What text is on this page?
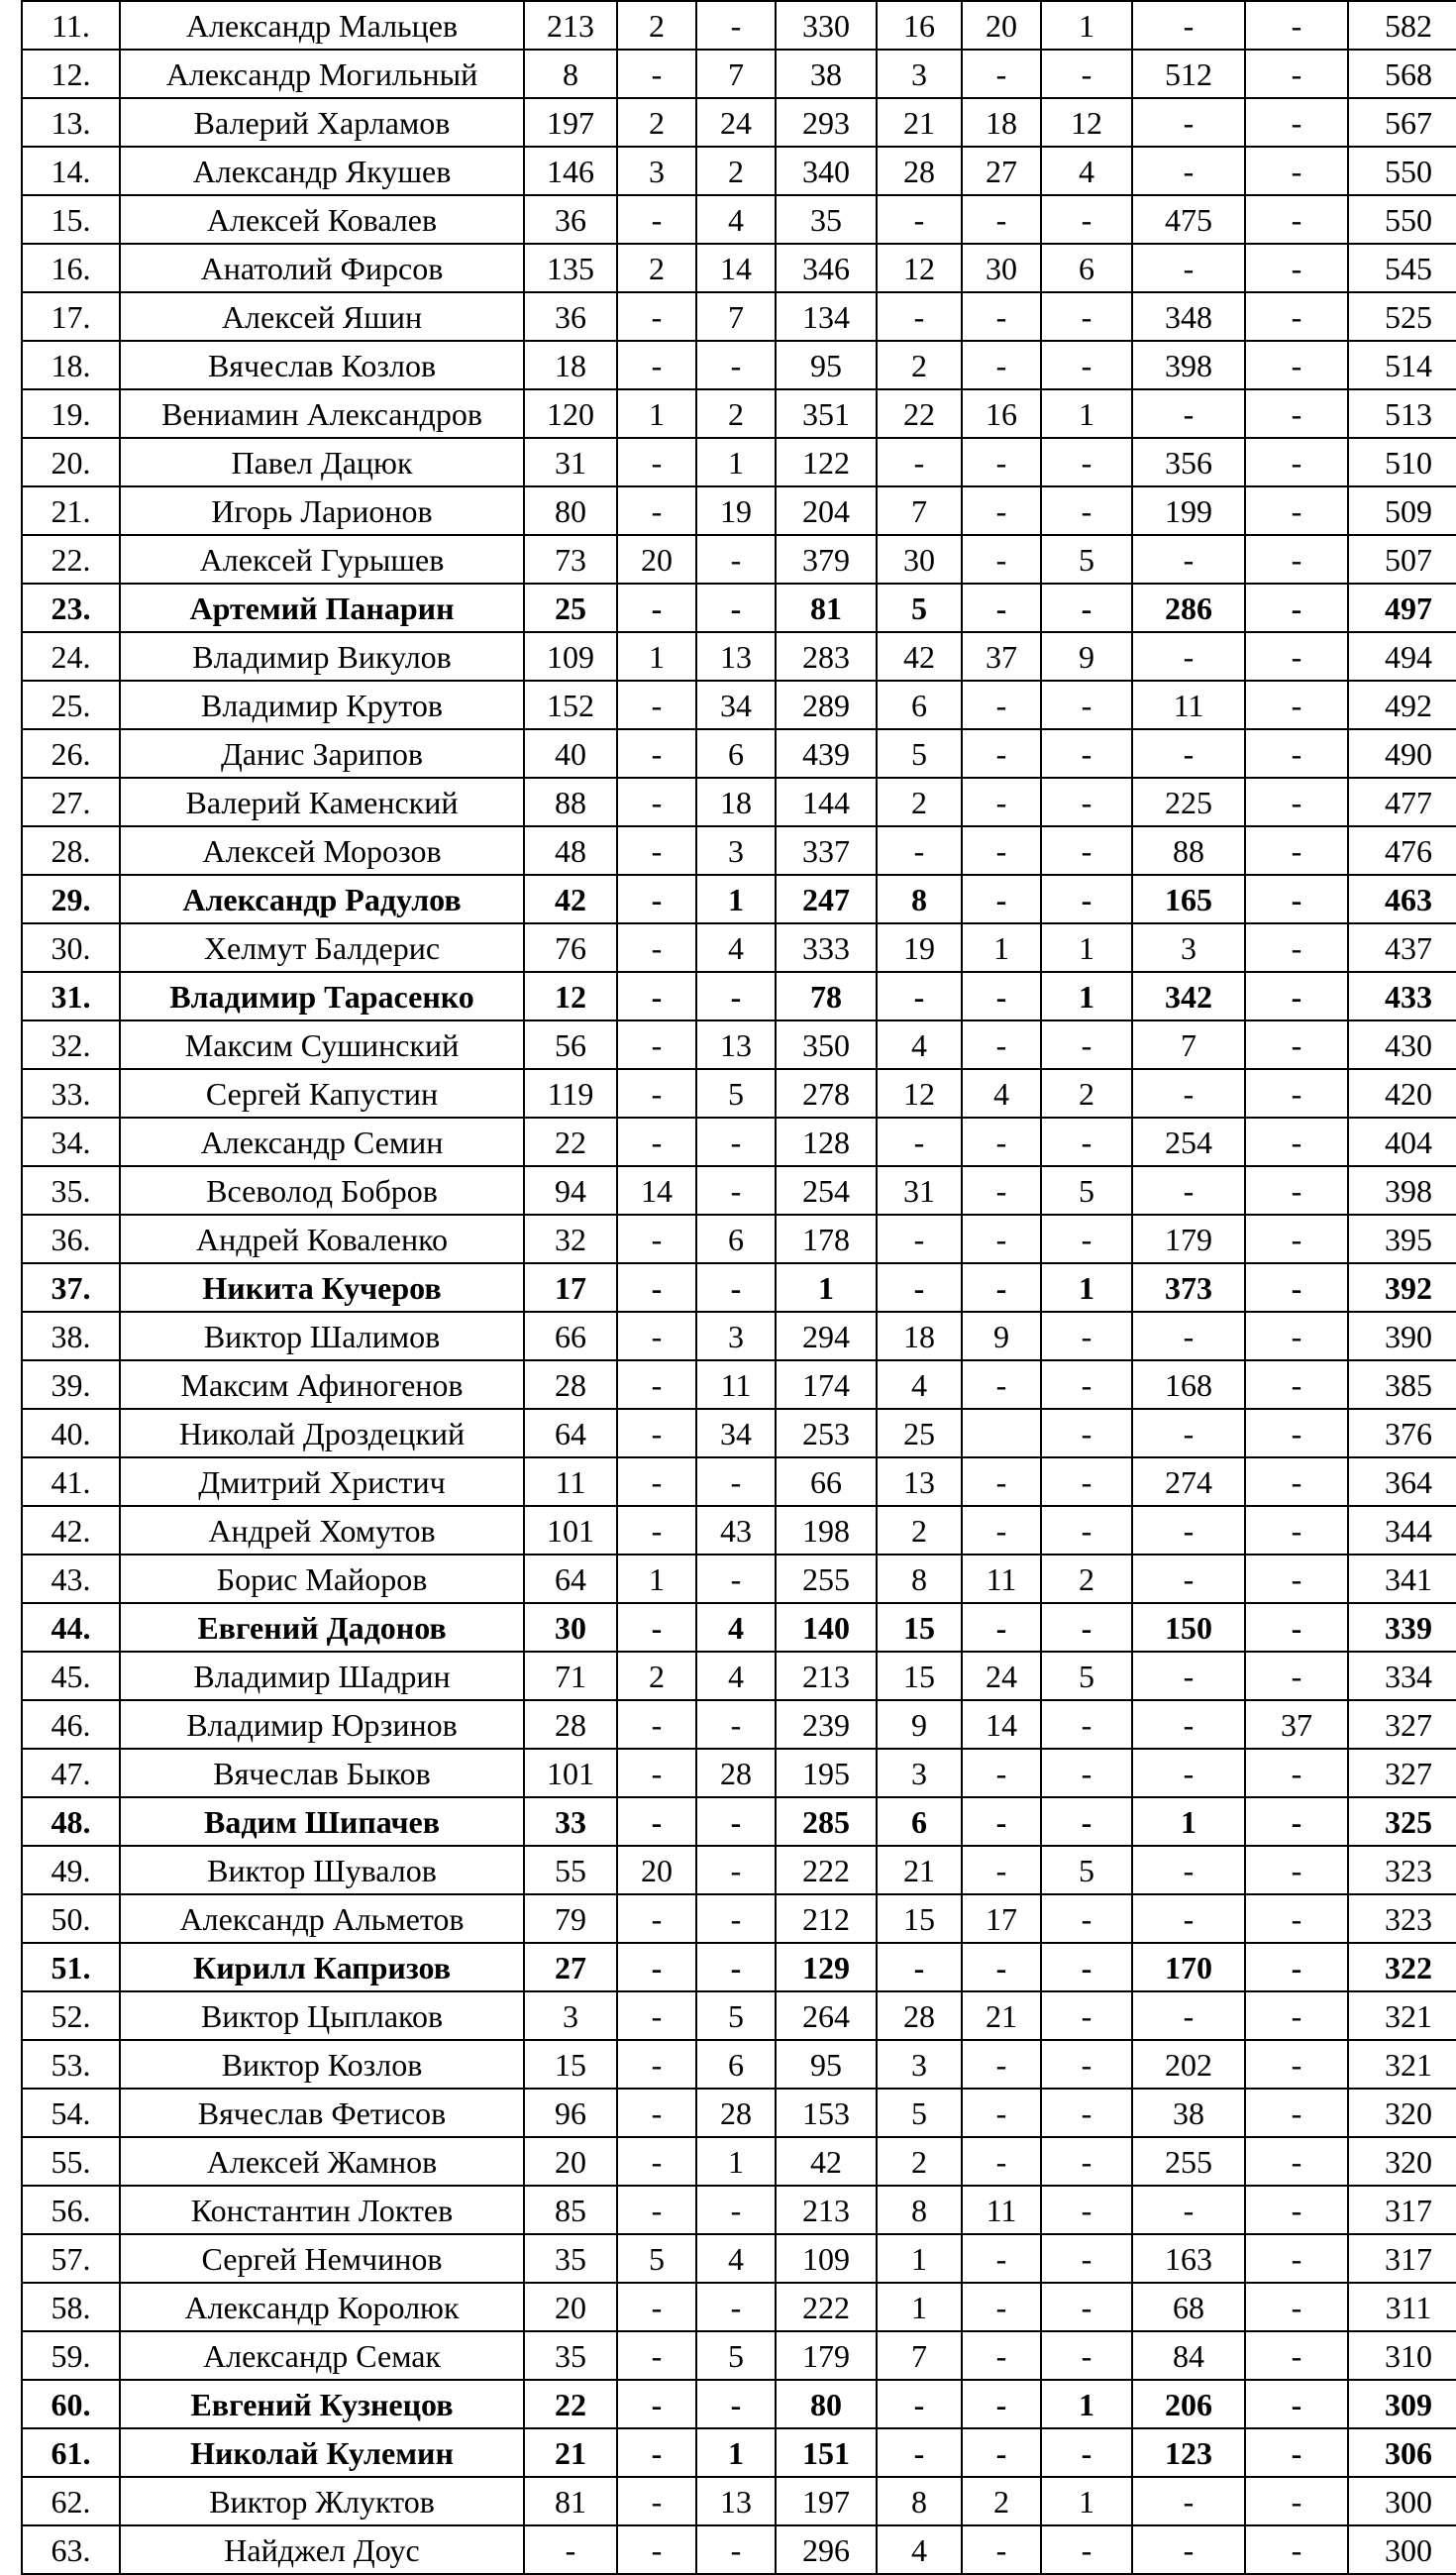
11.	Александр Мальцев	213	2	-	330	16	20	1	-	-	582
12.	Александр Могильный	8	-	7	38	3	-	-	512	-	568
13.	Валерий Харламов	197	2	24	293	21	18	12	-	-	567
14.	Александр Якушев	146	3	2	340	28	27	4	-	-	550
15.	Алексей Ковалев	36	-	4	35	-	-	-	475	-	550
16.	Анатолий Фирсов	135	2	14	346	12	30	6	-	-	545
17.	Алексей Яшин	36	-	7	134	-	-	-	348	-	525
18.	Вячеслав Козлов	18	-	-	95	2	-	-	398	-	514
19.	Вениамин Александров	120	1	2	351	22	16	1	-	-	513
20.	Павел Дацюк	31	-	1	122	-	-	-	356	-	510
21.	Игорь Ларионов	80	-	19	204	7	-	-	199	-	509
22.	Алексей Гурышев	73	20	-	379	30	-	5	-	-	507
23.	Артемий Панарин	25	-	-	81	5	-	-	286	-	497
24.	Владимир Викулов	109	1	13	283	42	37	9	-	-	494
25.	Владимир Крутов	152	-	34	289	6	-	-	11	-	492
26.	Данис Зарипов	40	-	6	439	5	-	-	-	-	490
27.	Валерий Каменский	88	-	18	144	2	-	-	225	-	477
28.	Алексей Морозов	48	-	3	337	-	-	-	88	-	476
29.	Александр Радулов	42	-	1	247	8	-	-	165	-	463
30.	Хелмут Балдерис	76	-	4	333	19	1	1	3	-	437
31.	Владимир Тарасенко	12	-	-	78	-	-	1	342	-	433
32.	Максим Сушинский	56	-	13	350	4	-	-	7	-	430
33.	Сергей Капустин	119	-	5	278	12	4	2	-	-	420
34.	Александр Семин	22	-	-	128	-	-	-	254	-	404
35.	Всеволод Бобров	94	14	-	254	31	-	5	-	-	398
36.	Андрей Коваленко	32	-	6	178	-	-	-	179	-	395
37.	Никита Кучеров	17	-	-	1	-	-	1	373	-	392
38.	Виктор Шалимов	66	-	3	294	18	9	-	-	-	390
39.	Максим Афиногенов	28	-	11	174	4	-	-	168	-	385
40.	Николай Дроздецкий	64	-	34	253	25		-	-	-	376
41.	Дмитрий Христич	11	-	-	66	13	-	-	274	-	364
42.	Андрей Хомутов	101	-	43	198	2	-	-	-	-	344
43.	Борис Майоров	64	1	-	255	8	11	2	-	-	341
44.	Евгений Дадонов	30	-	4	140	15	-	-	150	-	339
45.	Владимир Шадрин	71	2	4	213	15	24	5	-	-	334
46.	Владимир Юрзинов	28	-	-	239	9	14	-	-	37	327
47.	Вячеслав Быков	101	-	28	195	3	-	-	-	-	327
48.	Вадим Шипачев	33	-	-	285	6	-	-	1	-	325
49.	Виктор Шувалов	55	20	-	222	21	-	5	-	-	323
50.	Александр Альметов	79	-	-	212	15	17	-	-	-	323
51.	Кирилл Капризов	27	-	-	129	-	-	-	170	-	322
52.	Виктор Цыплаков	3	-	5	264	28	21	-	-	-	321
53.	Виктор Козлов	15	-	6	95	3	-	-	202	-	321
54.	Вячеслав Фетисов	96	-	28	153	5	-	-	38	-	320
55.	Алексей Жамнов	20	-	1	42	2	-	-	255	-	320
56.	Константин Локтев	85	-	-	213	8	11	-	-	-	317
57.	Сергей Немчинов	35	5	4	109	1	-	-	163	-	317
58.	Александр Королюк	20	-	-	222	1	-	-	68	-	311
59.	Александр Семак	35	-	5	179	7	-	-	84	-	310
60.	Евгений Кузнецов	22	-	-	80	-	-	1	206	-	309
61.	Николай Кулемин	21	-	1	151	-	-	-	123	-	306
62.	Виктор Жлуктов	81	-	13	197	8	2	1	-	-	300
63.	Найджел Доус	-	-	-	296	4	-	-	-	-	300
